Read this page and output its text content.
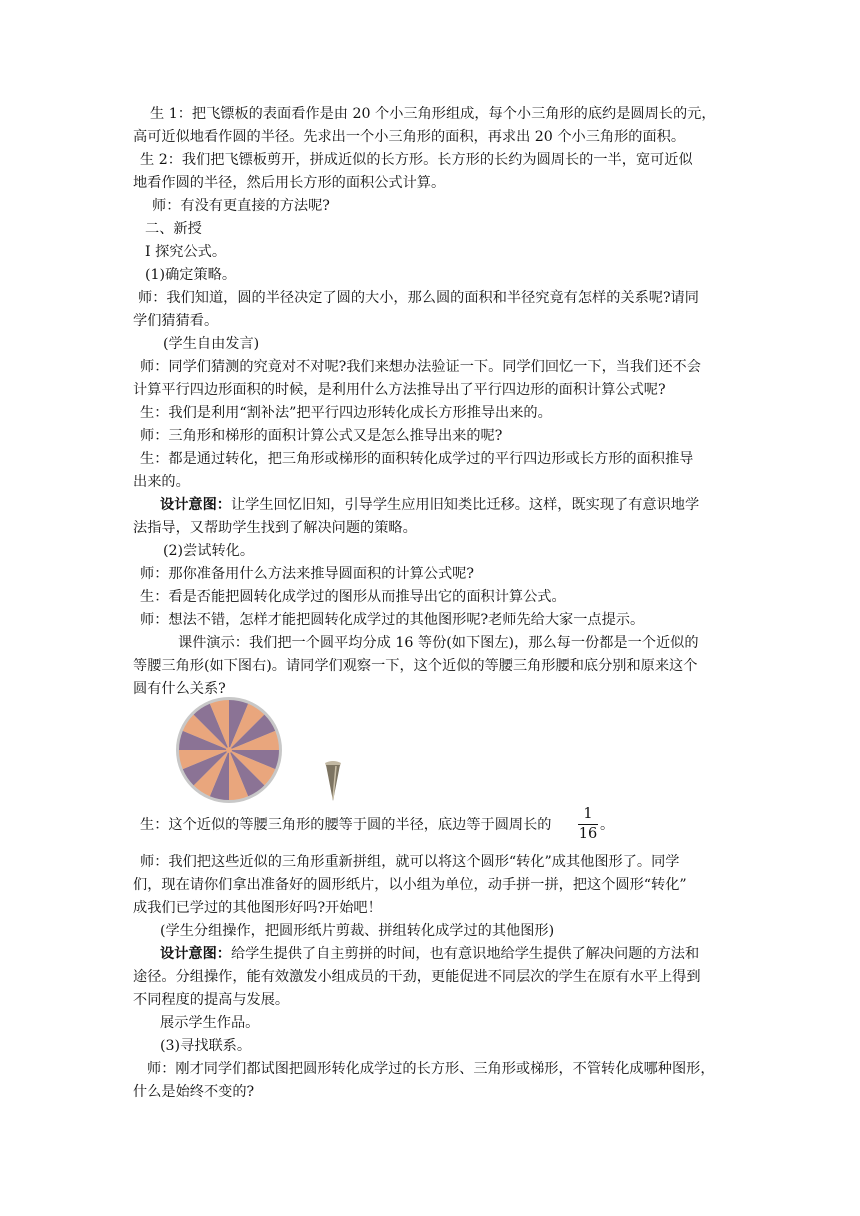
生 1：把飞镖板的表面看作是由 20 个小三角形组成，每个小三角形的底约是圆周长的元，
高可近似地看作圆的半径。先求出一个小三角形的面积，再求出 20 个小三角形的面积。
生 2：我们把飞镖板剪开，拼成近似的长方形。长方形的长约为圆周长的一半，宽可近似
地看作圆的半径，然后用长方形的面积公式计算。
师：有没有更直接的方法呢?
二、新授
I 探究公式。
(1)确定策略。
师：我们知道，圆的半径决定了圆的大小，那么圆的面积和半径究竟有怎样的关系呢?请同
学们猜猜看。
(学生自由发言)
师：同学们猜测的究竟对不对呢?我们来想办法验证一下。同学们回忆一下，当我们还不会
计算平行四边形面积的时候，是利用什么方法推导出了平行四边形的面积计算公式呢?
生：我们是利用“割补法”把平行四边形转化成长方形推导出来的。
师：三角形和梯形的面积计算公式又是怎么推导出来的呢?
生：都是通过转化，把三角形或梯形的面积转化成学过的平行四边形或长方形的面积推导
出来的。
设计意图：让学生回忆旧知，引导学生应用旧知类比迁移。这样，既实现了有意识地学
法指导，又帮助学生找到了解决问题的策略。
(2)尝试转化。
师：那你准备用什么方法来推导圆面积的计算公式呢?
生：看是否能把圆转化成学过的图形从而推导出它的面积计算公式。
师：想法不错，怎样才能把圆转化成学过的其他图形呢?老师先给大家一点提示。
课件演示：我们把一个圆平均分成 16 等份(如下图左)，那么每一份都是一个近似的
等腰三角形(如下图右)。请同学们观察一下，这个近似的等腰三角形腰和底分别和原来这个
圆有什么关系?
生：这个近似的等腰三角形的腰等于圆的半径，底边等于圆周长的
1
16
。
师：我们把这些近似的三角形重新拼组，就可以将这个圆形“转化”成其他图形了。同学
们，现在请你们拿出准备好的圆形纸片，以小组为单位，动手拼一拼，把这个圆形“转化”
成我们已学过的其他图形好吗?开始吧！
(学生分组操作，把圆形纸片剪裁、拼组转化成学过的其他图形)
设计意图：给学生提供了自主剪拼的时间，也有意识地给学生提供了解决问题的方法和
途径。分组操作，能有效激发小组成员的干劲，更能促进不同层次的学生在原有水平上得到
不同程度的提高与发展。
展示学生作品。
(3)寻找联系。
师：刚才同学们都试图把圆形转化成学过的长方形、三角形或梯形，不管转化成哪种图形，
什么是始终不变的?
